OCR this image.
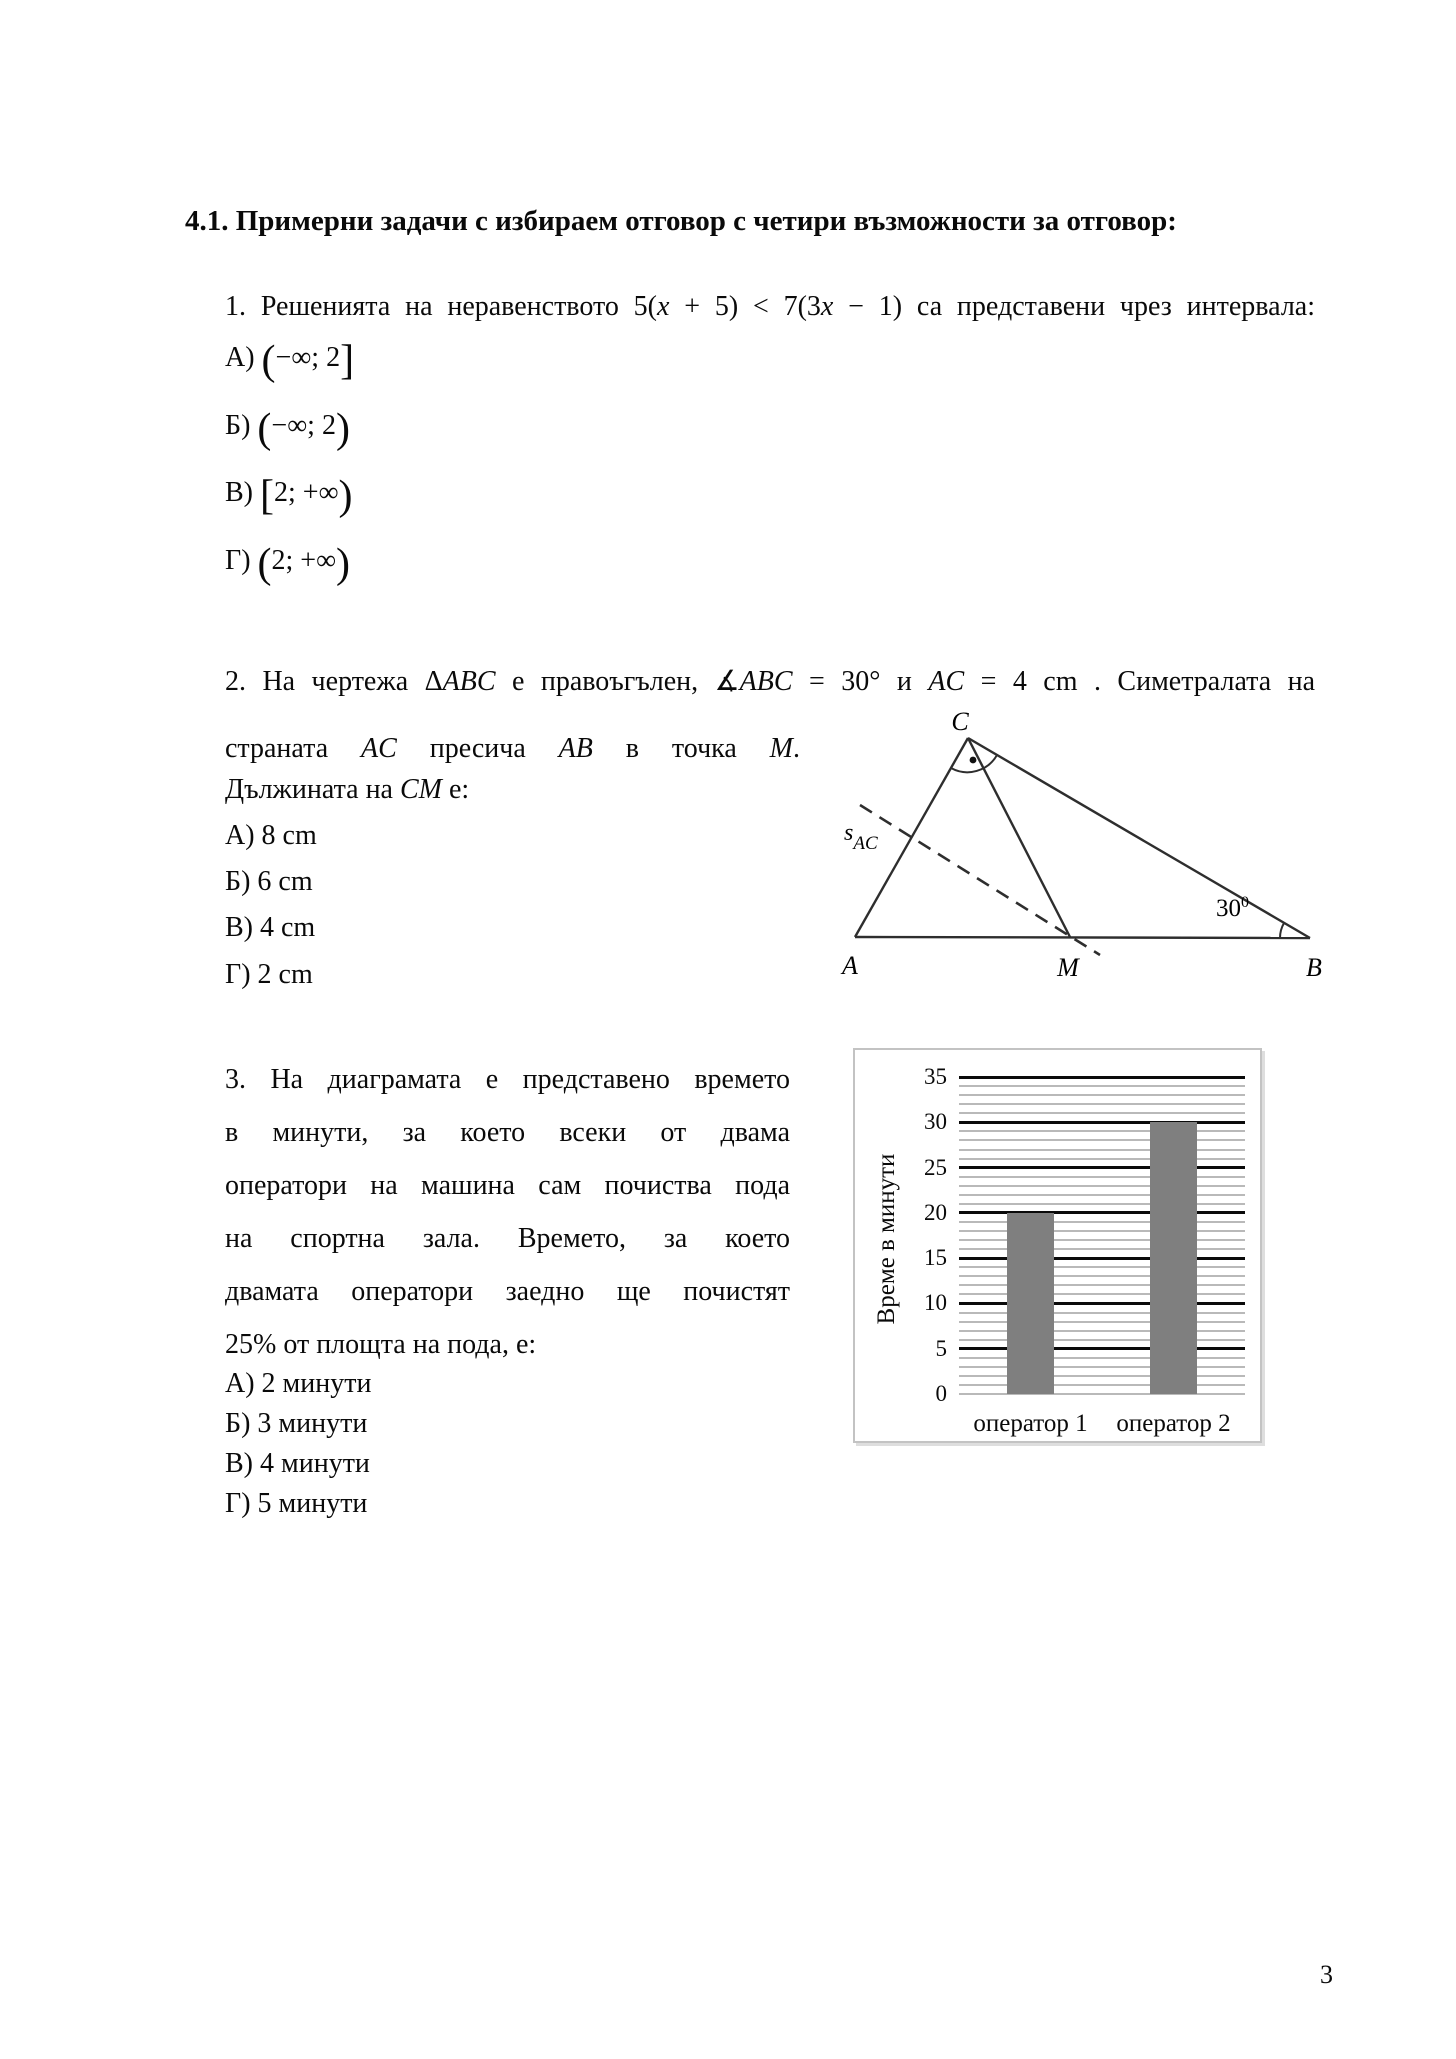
4.1. Примерни задачи с избираем отговор с четири възможности за отговор:
1. Решенията на неравенството 5(x + 5) < 7(3x − 1) са представени чрез интервала:
А) (−∞; 2]
Б) (−∞; 2)
В) [2; +∞)
Г) (2; +∞)
2. На чертежа ΔABC е правоъгълен, ∡ABC = 30° и AC = 4 cm . Симетралата на
страната AC пресича AB в точка M.
Дължината на CM е:
А) 8 cm
Б) 6 cm
В) 4 cm
Г) 2 cm
C
A	B
M
$s_{AC}$
$30^0$
3. На диаграмата е представено времето
в минути, за което всеки от двама
оператори на машина сам почиства пода
на спортна зала. Времето, за което
двамата оператори заедно ще почистят
25% от площта на пода, е:
А) 2 минути
Б) 3 минути
В) 4 минути
Г) 5 минути
Време в минути
0
5
10
15
20
25
30
35
оператор 1	оператор 2
3
